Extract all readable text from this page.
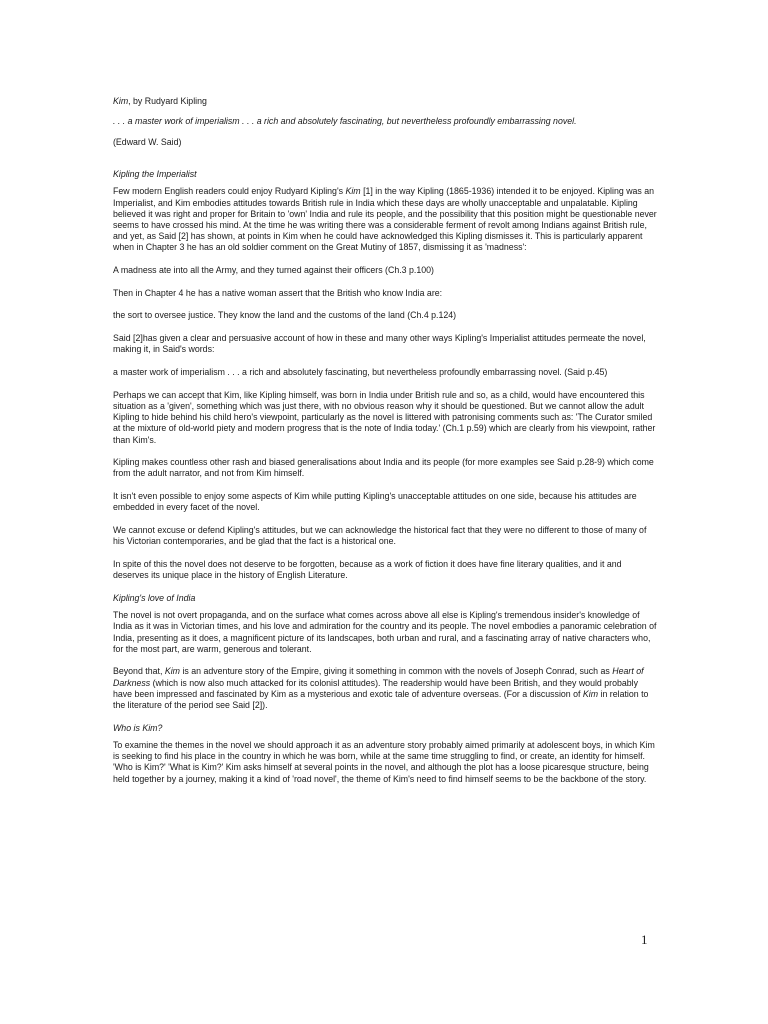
Kim, by Rudyard Kipling
. . . a master work of imperialism . . . a rich and absolutely fascinating, but nevertheless profoundly embarrassing novel.
(Edward W. Said)
Kipling the Imperialist
Few modern English readers could enjoy Rudyard Kipling's Kim [1] in the way Kipling (1865-1936) intended it to be enjoyed. Kipling was an Imperialist, and Kim embodies attitudes towards British rule in India which these days are wholly unacceptable and unpalatable. Kipling believed it was right and proper for Britain to 'own' India and rule its people, and the possibility that this position might be questionable never seems to have crossed his mind. At the time he was writing there was a considerable ferment of revolt among Indians against British rule, and yet, as Said [2] has shown, at points in Kim when he could have acknowledged this Kipling dismisses it. This is particularly apparent when in Chapter 3 he has an old soldier comment on the Great Mutiny of 1857, dismissing it as 'madness':
A madness ate into all the Army, and they turned against their officers (Ch.3 p.100)
Then in Chapter 4 he has a native woman assert that the British who know India are:
the sort to oversee justice. They know the land and the customs of the land (Ch.4 p.124)
Said [2]has given a clear and persuasive account of how in these and many other ways Kipling's Imperialist attitudes permeate the novel, making it, in Said's words:
a master work of imperialism . . . a rich and absolutely fascinating, but nevertheless profoundly embarrassing novel. (Said p.45)
Perhaps we can accept that Kim, like Kipling himself, was born in India under British rule and so, as a child, would have encountered this situation as a 'given', something which was just there, with no obvious reason why it should be questioned. But we cannot allow the adult Kipling to hide behind his child hero's viewpoint, particularly as the novel is littered with patronising comments such as: 'The Curator smiled at the mixture of old-world piety and modern progress that is the note of India today.' (Ch.1 p.59) which are clearly from his viewpoint, rather than Kim's.
Kipling makes countless other rash and biased generalisations about India and its people (for more examples see Said p.28-9) which come from the adult narrator, and not from Kim himself.
It isn't even possible to enjoy some aspects of Kim while putting Kipling's unacceptable attitudes on one side, because his attitudes are embedded in every facet of the novel.
We cannot excuse or defend Kipling's attitudes, but we can acknowledge the historical fact that they were no different to those of many of his Victorian contemporaries, and be glad that the fact is a historical one.
In spite of this the novel does not deserve to be forgotten, because as a work of fiction it does have fine literary qualities, and it and deserves its unique place in the history of English Literature.
Kipling's love of India
The novel is not overt propaganda, and on the surface what comes across above all else is Kipling's tremendous insider's knowledge of India as it was in Victorian times, and his love and admiration for the country and its people. The novel embodies a panoramic celebration of India, presenting as it does, a magnificent picture of its landscapes, both urban and rural, and a fascinating array of native characters who, for the most part, are warm, generous and tolerant.
Beyond that, Kim is an adventure story of the Empire, giving it something in common with the novels of Joseph Conrad, such as Heart of Darkness (which is now also much attacked for its colonisl attitudes). The readership would have been British, and they would probably have been impressed and fascinated by Kim as a mysterious and exotic tale of adventure overseas. (For a discussion of Kim in relation to the literature of the period see Said [2]).
Who is Kim?
To examine the themes in the novel we should approach it as an adventure story probably aimed primarily at adolescent boys, in which Kim is seeking to find his place in the country in which he was born, while at the same time struggling to find, or create, an identity for himself. 'Who is Kim?' 'What is Kim?' Kim asks himself at several points in the novel, and although the plot has a loose picaresque structure, being held together by a journey, making it a kind of 'road novel', the theme of Kim's need to find himself seems to be the backbone of the story.
1
